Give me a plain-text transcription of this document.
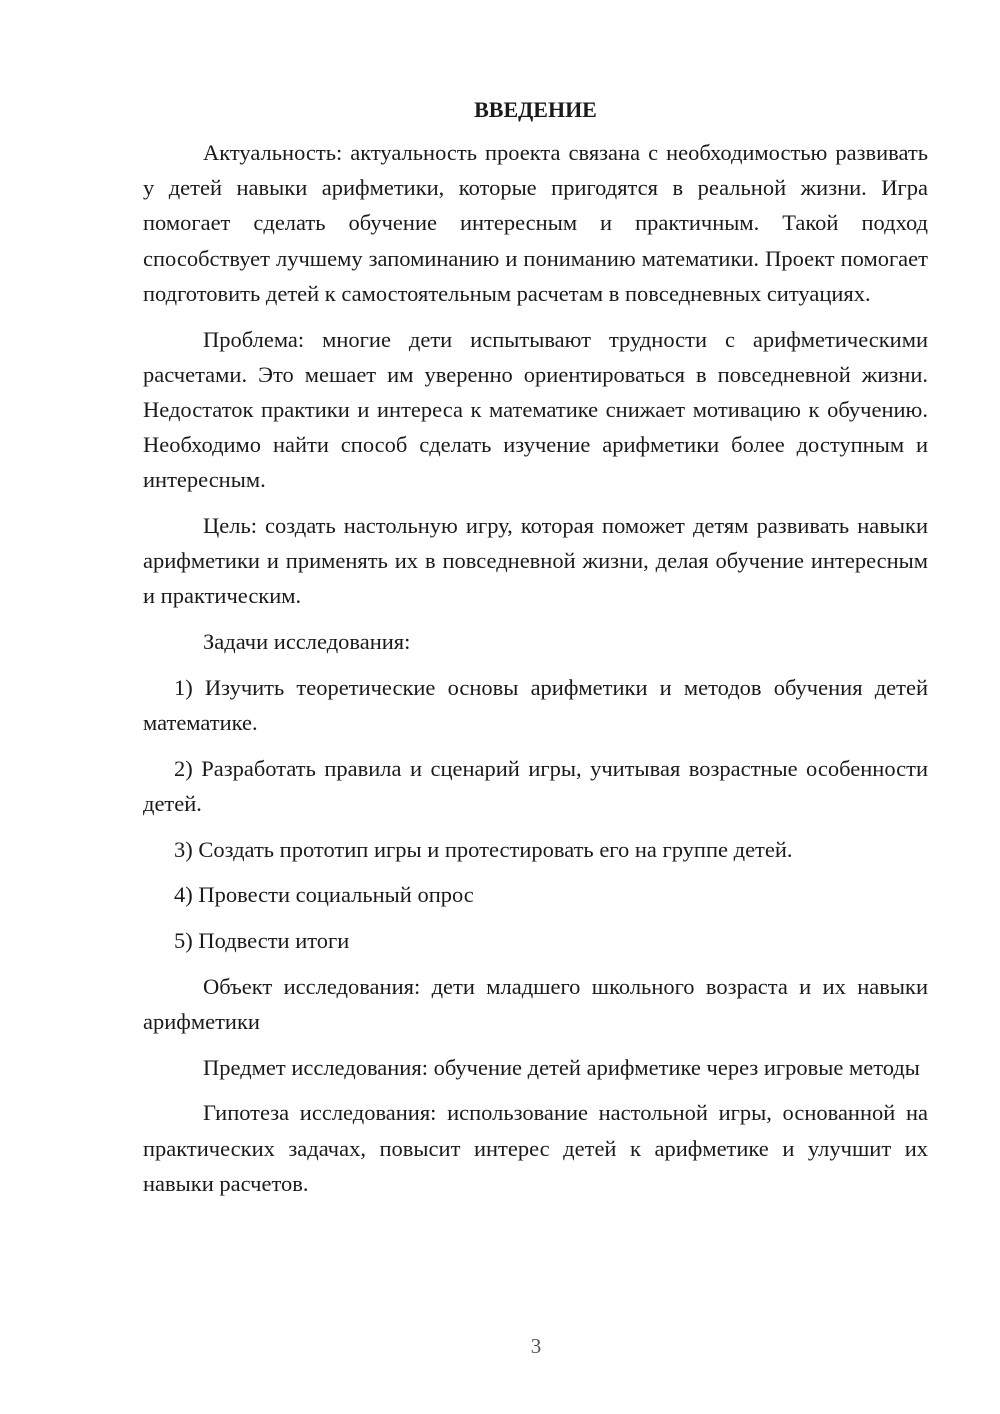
ВВЕДЕНИЕ

Актуальность: актуальность проекта связана с необходимостью развивать у детей навыки арифметики, которые пригодятся в реальной жизни. Игра помогает сделать обучение интересным и практичным. Такой подход способствует лучшему запоминанию и пониманию математики. Проект помогает подготовить детей к самостоятельным расчетам в повседневных ситуациях.

Проблема: многие дети испытывают трудности с арифметическими расчетами. Это мешает им уверенно ориентироваться в повседневной жизни. Недостаток практики и интереса к математике снижает мотивацию к обучению. Необходимо найти способ сделать изучение арифметики более доступным и интересным.

Цель: создать настольную игру, которая поможет детям развивать навыки арифметики и применять их в повседневной жизни, делая обучение интересным и практическим.

Задачи исследования:

1) Изучить теоретические основы арифметики и методов обучения детей математике.

2) Разработать правила и сценарий игры, учитывая возрастные особенности детей.

3) Создать прототип игры и протестировать его на группе детей.

4) Провести социальный опрос

5) Подвести итоги

Объект исследования: дети младшего школьного возраста и их навыки арифметики

Предмет исследования: обучение детей арифметике через игровые методы

Гипотеза исследования: использование настольной игры, основанной на практических задачах, повысит интерес детей к арифметике и улучшит их навыки расчетов.

3
